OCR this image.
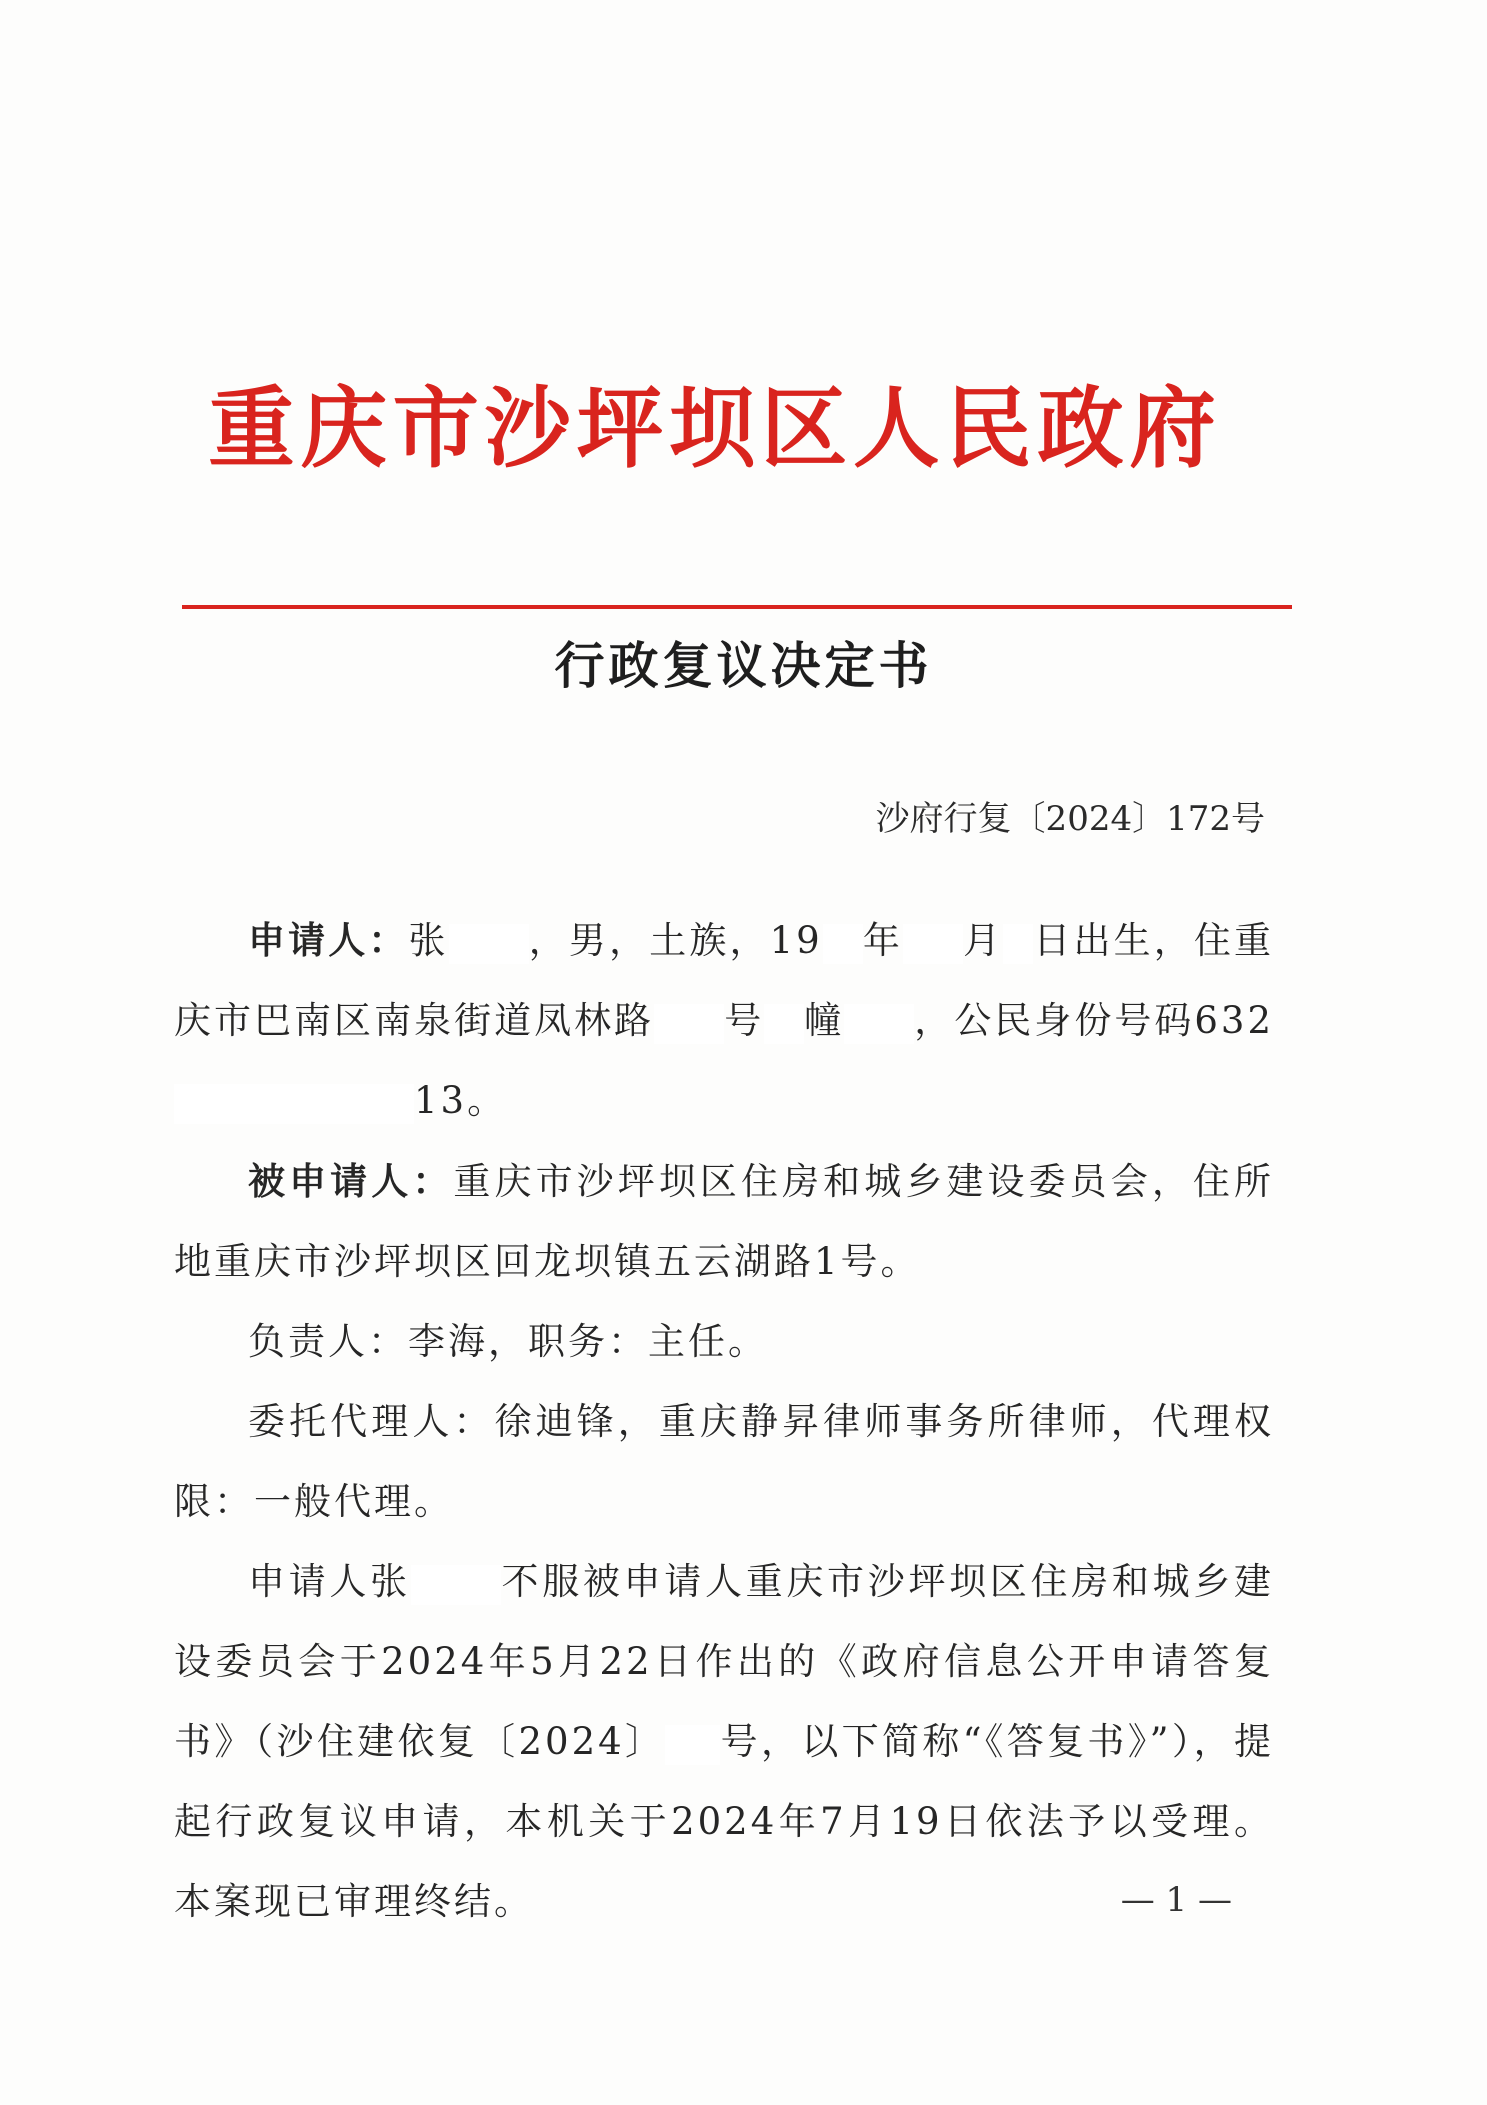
重庆市沙坪坝区人民政府
行政复议决定书
沙府行复〔2024〕172号

申请人：张 ，男，土族，19 年 月 日出生，住重庆市巴南区南泉街道凤林路 号 幢 ，公民身份号码63213。

被申请人：重庆市沙坪坝区住房和城乡建设委员会，住所地重庆市沙坪坝区回龙坝镇五云湖路1号。

负责人：李海，职务：主任。

委托代理人：徐迪锋，重庆静昇律师事务所律师，代理权限：一般代理。

申请人张 不服被申请人重庆市沙坪坝区住房和城乡建设委员会于2024年5月22日作出的《政府信息公开申请答复书》（沙住建依复〔2024〕 号，以下简称“《答复书》”），提起行政复议申请，本机关于2024年7月19日依法予以受理。本案现已审理终结。	— 1 —
